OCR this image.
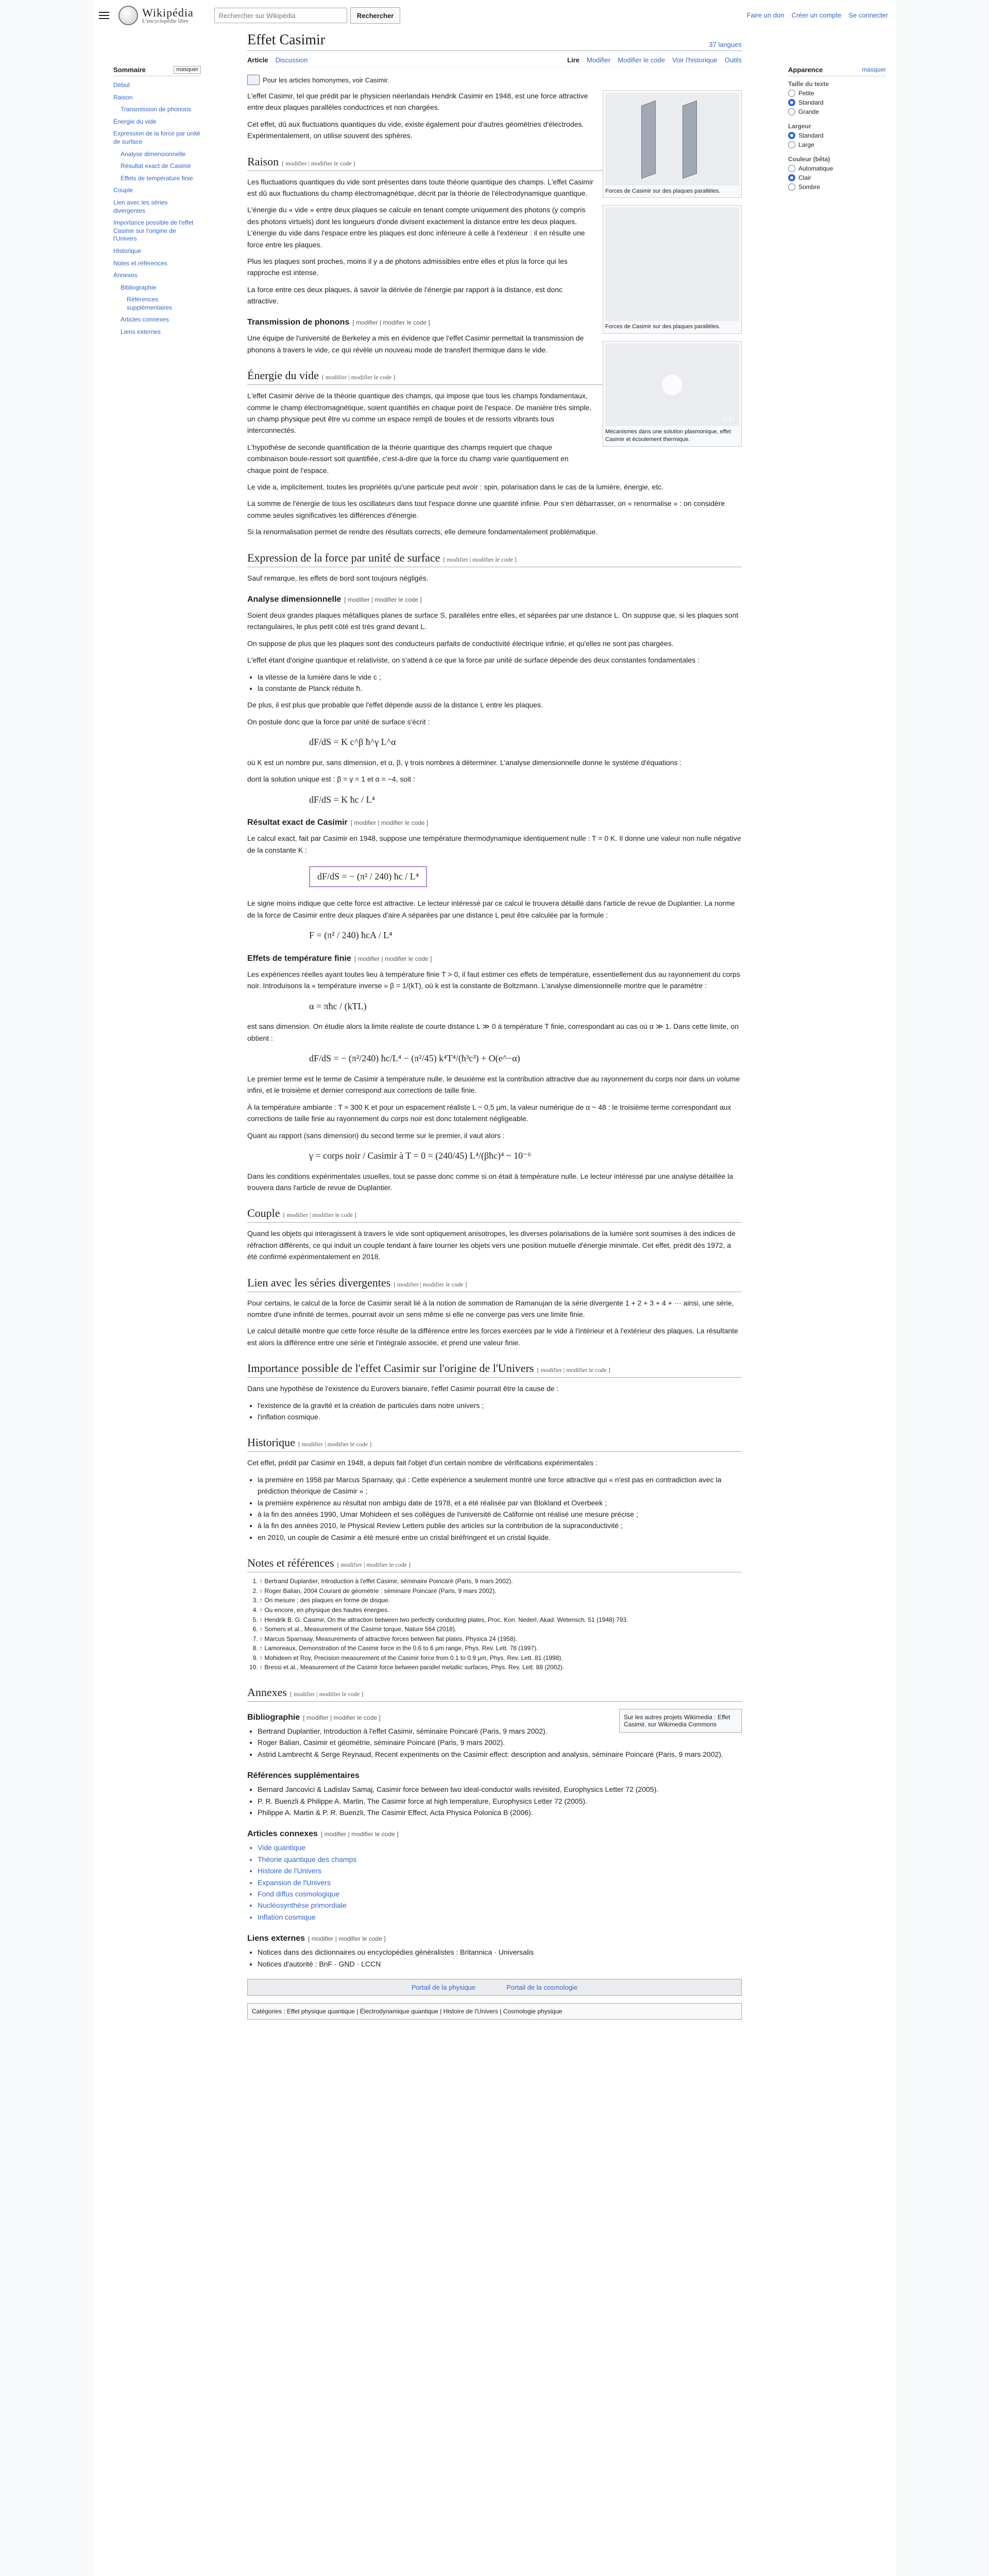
Wikipédia
L'encyclopédie libre
Rechercher sur Wikipédia	Rechercher	Faire un don Créer un compte Se connecter
Sommaire	masquer
Début
Raison
Transmission de phonons
Énergie du vide
Expression de la force par unité de surface
Analyse dimensionnelle
Résultat exact de Casimir
Effets de température finie
Couple
Lien avec les séries divergentes
Importance possible de l'effet Casimir sur l'origine de l'Univers
Historique
Notes et références
Annexes
Bibliographie
Références supplémentaires
Articles connexes
Liens externes
Effet Casimir	37 langues
Article Discussion	Lire Modifier Modifier le code Voir l'historique Outils
Pour les articles homonymes, voir Casimir.
Forces de Casimir sur des plaques parallèles.
Forces de Casimir sur des plaques parallèles.
0:31
Mécanismes dans une solution plasmonique, effet Casimir et écoulement thermique.

L'effet Casimir, tel que prédit par le physicien néerlandais Hendrik Casimir en 1948, est une force attractive entre deux plaques parallèles conductrices et non chargées.

Cet effet, dû aux fluctuations quantiques du vide, existe également pour d'autres géométries d'électrodes. Expérimentalement, on utilise souvent des sphères.

Raison [ modifier | modifier le code ]

Les fluctuations quantiques du vide sont présentes dans toute théorie quantique des champs. L'effet Casimir est dû aux fluctuations du champ électromagnétique, décrit par la théorie de l'électrodynamique quantique.

L'énergie du « vide » entre deux plaques se calcule en tenant compte uniquement des photons (y compris des photons virtuels) dont les longueurs d'onde divisent exactement la distance entre les deux plaques. L'énergie du vide dans l'espace entre les plaques est donc inférieure à celle à l'extérieur : il en résulte une force entre les plaques.

Plus les plaques sont proches, moins il y a de photons admissibles entre elles et plus la force qui les rapproche est intense.

La force entre ces deux plaques, à savoir la dérivée de l'énergie par rapport à la distance, est donc attractive.

Transmission de phonons [ modifier | modifier le code ]

Une équipe de l'université de Berkeley a mis en évidence que l'effet Casimir permettait la transmission de phonons à travers le vide, ce qui révèle un nouveau mode de transfert thermique dans le vide.

Énergie du vide [ modifier | modifier le code ]

L'effet Casimir dérive de la théorie quantique des champs, qui impose que tous les champs fondamentaux, comme le champ électromagnétique, soient quantifiés en chaque point de l'espace. De manière très simple, un champ physique peut être vu comme un espace rempli de boules et de ressorts vibrants tous interconnectés.

L'hypothèse de seconde quantification de la théorie quantique des champs requiert que chaque combinaison boule-ressort soit quantifiée, c'est-à-dire que la force du champ varie quantiquement en chaque point de l'espace.

Le vide a, implicitement, toutes les propriétés qu'une particule peut avoir : spin, polarisation dans le cas de la lumière, énergie, etc.

La somme de l'énergie de tous les oscillateurs dans tout l'espace donne une quantité infinie. Pour s'en débarrasser, on « renormalise » : on considère comme seules significatives les différences d'énergie.

Si la renormalisation permet de rendre des résultats corrects, elle demeure fondamentalement problématique.

Expression de la force par unité de surface [ modifier | modifier le code ]

Sauf remarque, les effets de bord sont toujours négligés.

Analyse dimensionnelle [ modifier | modifier le code ]

Soient deux grandes plaques métalliques planes de surface S, parallèles entre elles, et séparées par une distance L. On suppose que, si les plaques sont rectangulaires, le plus petit côté est très grand devant L.

On suppose de plus que les plaques sont des conducteurs parfaits de conductivité électrique infinie, et qu'elles ne sont pas chargées.

L'effet étant d'origine quantique et relativiste, on s'attend à ce que la force par unité de surface dépende des deux constantes fondamentales :

• la vitesse de la lumière dans le vide c ;
• la constante de Planck réduite ħ.

De plus, il est plus que probable que l'effet dépende aussi de la distance L entre les plaques.

On postule donc que la force par unité de surface s'écrit :

dF/dS = K c^β ħ^γ L^α

où K est un nombre pur, sans dimension, et α, β, γ trois nombres à déterminer. L'analyse dimensionnelle donne le système d'équations :

dont la solution unique est : β = γ = 1 et α = −4, soit :

dF/dS = K ħc / L⁴
Résultat exact de Casimir [ modifier | modifier le code ]

Le calcul exact, fait par Casimir en 1948, suppose une température thermodynamique identiquement nulle : T = 0 K. Il donne une valeur non nulle négative de la constante K :

dF/dS = − (π² / 240) ħc / L⁴

Le signe moins indique que cette force est attractive. Le lecteur intéressé par ce calcul le trouvera détaillé dans l'article de revue de Duplantier. La norme de la force de Casimir entre deux plaques d'aire A séparées par une distance L peut être calculée par la formule :

F = (π² / 240) ħcA / L⁴
Effets de température finie [ modifier | modifier le code ]

Les expériences réelles ayant toutes lieu à température finie T > 0, il faut estimer ces effets de température, essentiellement dus au rayonnement du corps noir. Introduisons la « température inverse » β = 1/(kT), où k est la constante de Boltzmann. L'analyse dimensionnelle montre que le paramètre :

α = πħc / (kTL)

est sans dimension. On étudie alors la limite réaliste de courte distance L ≫ 0 à température T finie, correspondant au cas où α ≫ 1. Dans cette limite, on obtient :

dF/dS = − (π²/240) ħc/L⁴ − (π²/45) k⁴T⁴/(ħ³c³) + O(e^−α)

Le premier terme est le terme de Casimir à température nulle, le deuxième est la contribution attractive due au rayonnement du corps noir dans un volume infini, et le troisième et dernier correspond aux corrections de taille finie.

À la température ambiante : T ≈ 300 K et pour un espacement réaliste L ~ 0,5 µm, la valeur numérique de α ~ 48 : le troisième terme correspondant aux corrections de taille finie au rayonnement du corps noir est donc totalement négligeable.

Quant au rapport (sans dimension) du second terme sur le premier, il vaut alors :

γ = corps noir / Casimir à T = 0 = (240/45) L⁴/(βħc)⁴ ~ 10⁻⁶

Dans les conditions expérimentales usuelles, tout se passe donc comme si on était à température nulle. Le lecteur intéressé par une analyse détaillée la trouvera dans l'article de revue de Duplantier.

Couple [ modifier | modifier le code ]

Quand les objets qui interagissent à travers le vide sont optiquement anisotropes, les diverses polarisations de la lumière sont soumises à des indices de réfraction différents, ce qui induit un couple tendant à faire tourner les objets vers une position mutuelle d'énergie minimale. Cet effet, prédit dès 1972, a été confirmé expérimentalement en 2018.

Lien avec les séries divergentes [ modifier | modifier le code ]

Pour certains, le calcul de la force de Casimir serait lié à la notion de sommation de Ramanujan de la série divergente 1 + 2 + 3 + 4 + ··· ainsi, une série, nombre d'une infinité de termes, pourrait avoir un sens même si elle ne converge pas vers une limite finie.

Le calcul détaillé montre que cette force résulte de la différence entre les forces exercées par le vide à l'intérieur et à l'extérieur des plaques. La résultante est alors la différence entre une série et l'intégrale associée, et prend une valeur finie.

Importance possible de l'effet Casimir sur l'origine de l'Univers [ modifier | modifier le code ]

Dans une hypothèse de l'existence du Eurovers bianaire, l'effet Casimir pourrait être la cause de :

• l'existence de la gravité et la création de particules dans notre univers ;
• l'inflation cosmique.
Historique [ modifier | modifier le code ]

Cet effet, prédit par Casimir en 1948, a depuis fait l'objet d'un certain nombre de vérifications expérimentales :

• la première en 1958 par Marcus Sparnaay, qui : Cette expérience a seulement montré une force attractive qui « n'est pas en contradiction avec la prédiction théorique de Casimir » ;
• la première expérience au résultat non ambigu date de 1978, et a été réalisée par van Blokland et Overbeek ;
• à la fin des années 1990, Umar Mohideen et ses collègues de l'université de Californie ont réalisé une mesure précise ;
• à la fin des années 2010, le Physical Review Letters publie des articles sur la contribution de la supraconductivité ;
• en 2010, un couple de Casimir a été mesuré entre un cristal biréfringent et un cristal liquide.
Notes et références [ modifier | modifier le code ]
1. ↑ Bertrand Duplantier, Introduction à l'effet Casimir, séminaire Poincaré (Paris, 9 mars 2002).
2. ↑ Roger Balian, 2004 Courant de géométrie : séminaire Poincaré (Paris, 9 mars 2002).
3. ↑ On mesure : des plaques en forme de disque.
4. ↑ Ou encore, en physique des hautes énergies.
5. ↑ Hendrik B. G. Casimir, On the attraction between two perfectly conducting plates, Proc. Kon. Nederl. Akad. Wetensch. 51 (1948) 793.
6. ↑ Somers et al., Measurement of the Casimir torque, Nature 564 (2018).
7. ↑ Marcus Sparnaay, Measurements of attractive forces between flat plates, Physica 24 (1958).
8. ↑ Lamoreaux, Demonstration of the Casimir force in the 0.6 to 6 µm range, Phys. Rev. Lett. 78 (1997).
9. ↑ Mohideen et Roy, Precision measurement of the Casimir force from 0.1 to 0.9 µm, Phys. Rev. Lett. 81 (1998).
10. ↑ Bressi et al., Measurement of the Casimir force between parallel metallic surfaces, Phys. Rev. Lett. 88 (2002).
Annexes [ modifier | modifier le code ]
Sur les autres projets Wikimedia : Effet Casimir, sur Wikimedia Commons
Bibliographie [ modifier | modifier le code ]
• Bertrand Duplantier, Introduction à l'effet Casimir, séminaire Poincaré (Paris, 9 mars 2002).
• Roger Balian, Casimir et géométrie, séminaire Poincaré (Paris, 9 mars 2002).
• Astrid Lambrecht & Serge Reynaud, Recent experiments on the Casimir effect: description and analysis, séminaire Poincaré (Paris, 9 mars 2002).
Références supplémentaires
• Bernard Jancovici & Ladislav Samaj, Casimir force between two ideal-conductor walls revisited, Europhysics Letter 72 (2005).
• P. R. Buenzli & Philippe A. Martin, The Casimir force at high temperature, Europhysics Letter 72 (2005).
• Philippe A. Martin & P. R. Buenzli, The Casimir Effect, Acta Physica Polonica B (2006).
Articles connexes [ modifier | modifier le code ]
• Vide quantique
• Théorie quantique des champs
• Histoire de l'Univers
• Expansion de l'Univers
• Fond diffus cosmologique
• Nucléosynthèse primordiale
• Inflation cosmique
Liens externes [ modifier | modifier le code ]
• Notices dans des dictionnaires ou encyclopédies généralistes : Britannica · Universalis
• Notices d'autorité : BnF · GND · LCCN
Portail de la physique	Portail de la cosmologie
Catégories : Effet physique quantique | Électrodynamique quantique | Histoire de l'Univers | Cosmologie physique
Apparence	masquer
Taille du texte
Petite
Standard
Grande
Largeur
Standard
Large
Couleur (bêta)
Automatique
Clair
Sombre
